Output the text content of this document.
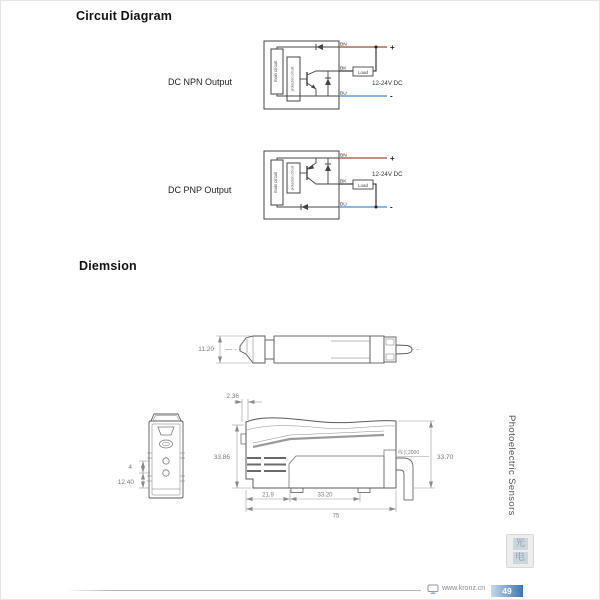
Circuit Diagram
DC NPN Output	main circuit	protection circuit	Load
BN
BK
BU
+
-
12-24V DC
DC PNP Output	main circuit	protection circuit	Load
BN
BK
BU
+
-
12-24V DC
Diemsion
11.20
4
12.40
线长2000
2.36
33.86	33.70
21.9	33.20
75
Photoelectric Sensors
光
电
www.kronz.cn	49
